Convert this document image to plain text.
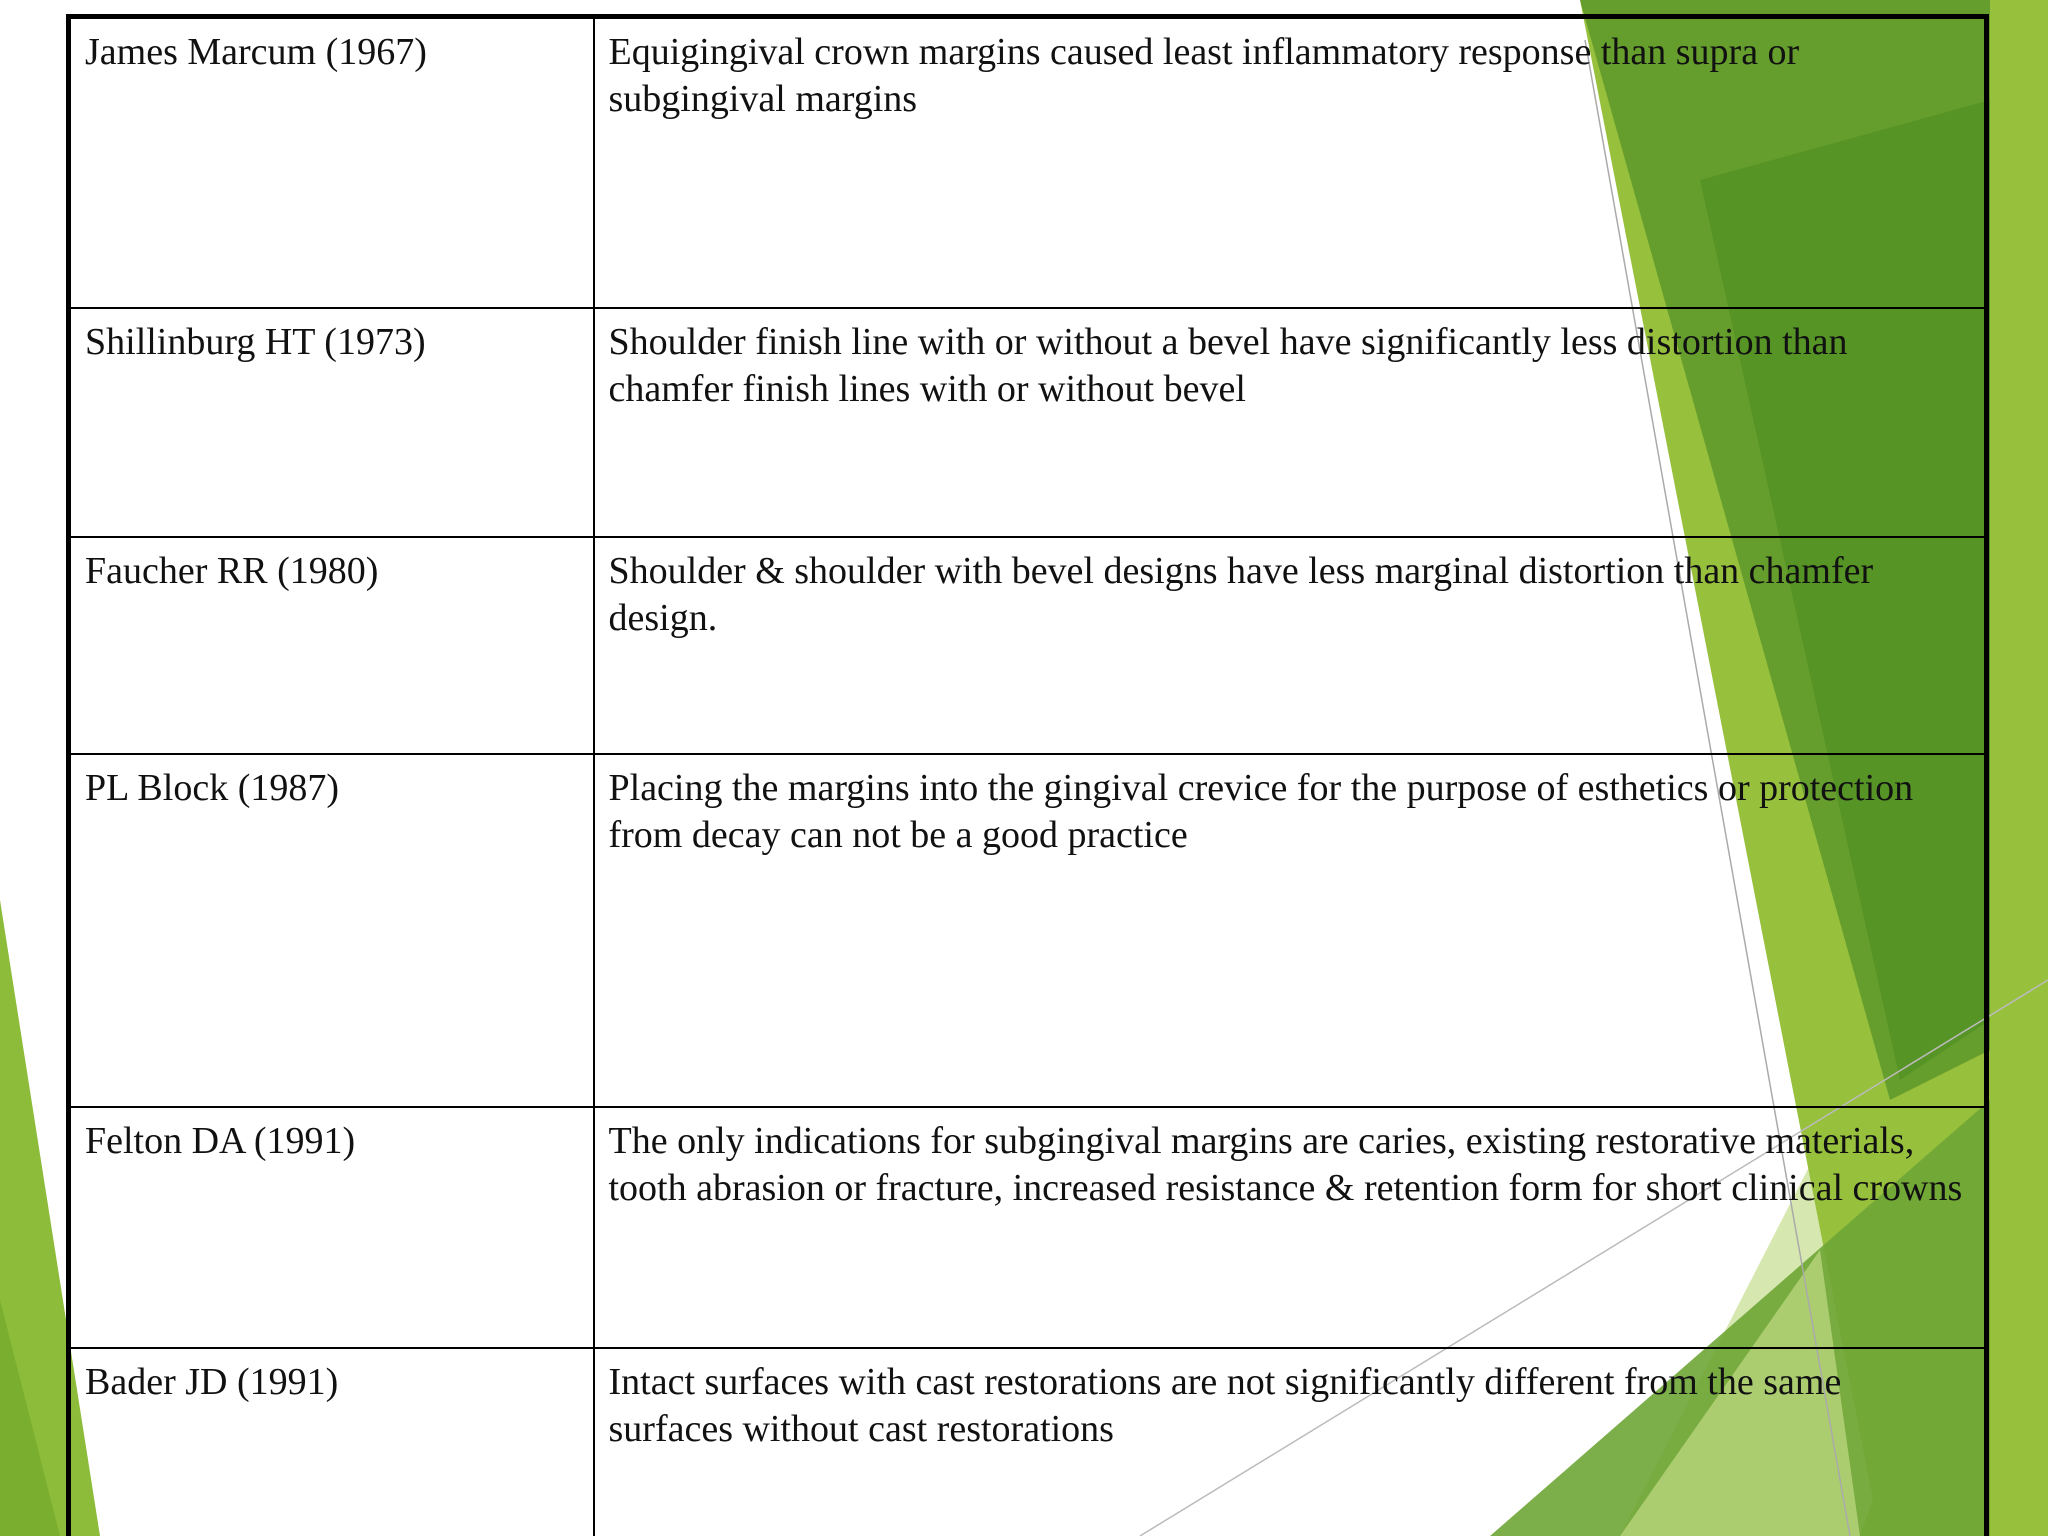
James Marcum (1967)	Equigingival crown margins caused least inflammatory response than supra or subgingival margins
Shillinburg HT (1973)	Shoulder finish line with or without a bevel have significantly less distortion than chamfer finish lines with or without bevel
Faucher RR (1980)	Shoulder & shoulder with bevel designs have less marginal distortion than chamfer design.
PL Block (1987)	Placing the margins into the gingival crevice for the purpose of esthetics or protection from decay can not be a good practice
Felton DA (1991)	The only indications for subgingival margins are caries, existing restorative materials, tooth abrasion or fracture, increased resistance & retention form for short clinical crowns
Bader JD (1991)	Intact surfaces with cast restorations are not significantly different from the same surfaces without cast restorations
